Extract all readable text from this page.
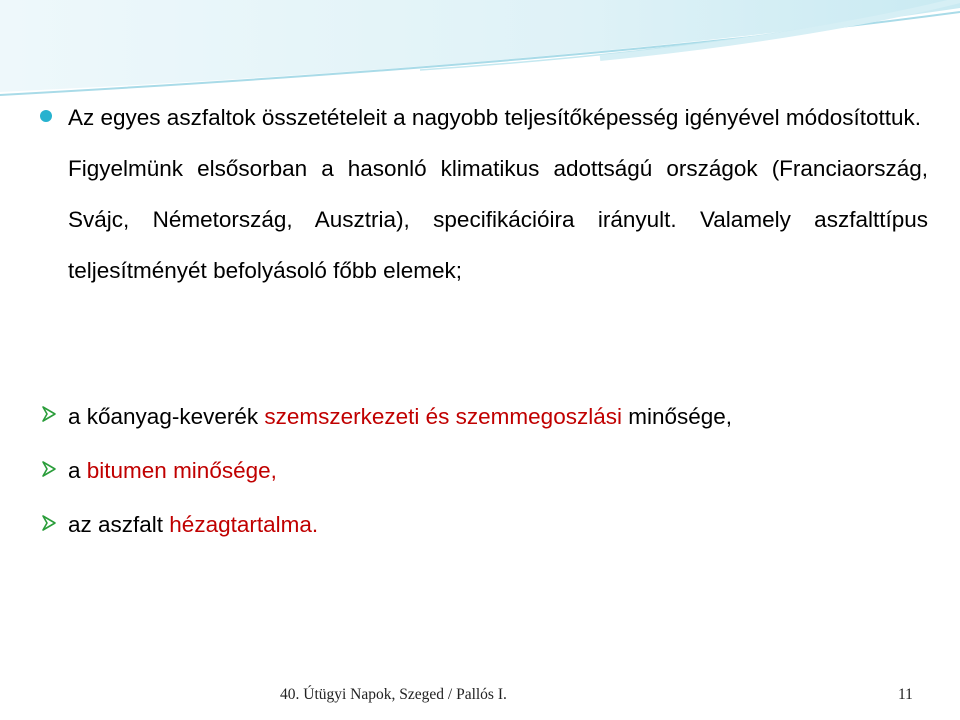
Az egyes aszfaltok összetételeit a nagyobb teljesítőképesség igényével módosítottuk.

Figyelmünk elsősorban a hasonló klimatikus adottságú országok (Franciaország, Svájc, Németország, Ausztria), specifikációira irányult. Valamely aszfalttípus teljesítményét befolyásoló főbb elemek;

a kőanyag-keverék szemszerkezeti és szemmegoszlási minősége,
a bitumen minősége,
az aszfalt hézagtartalma.
40. Útügyi Napok, Szeged / Pallós I.	11
